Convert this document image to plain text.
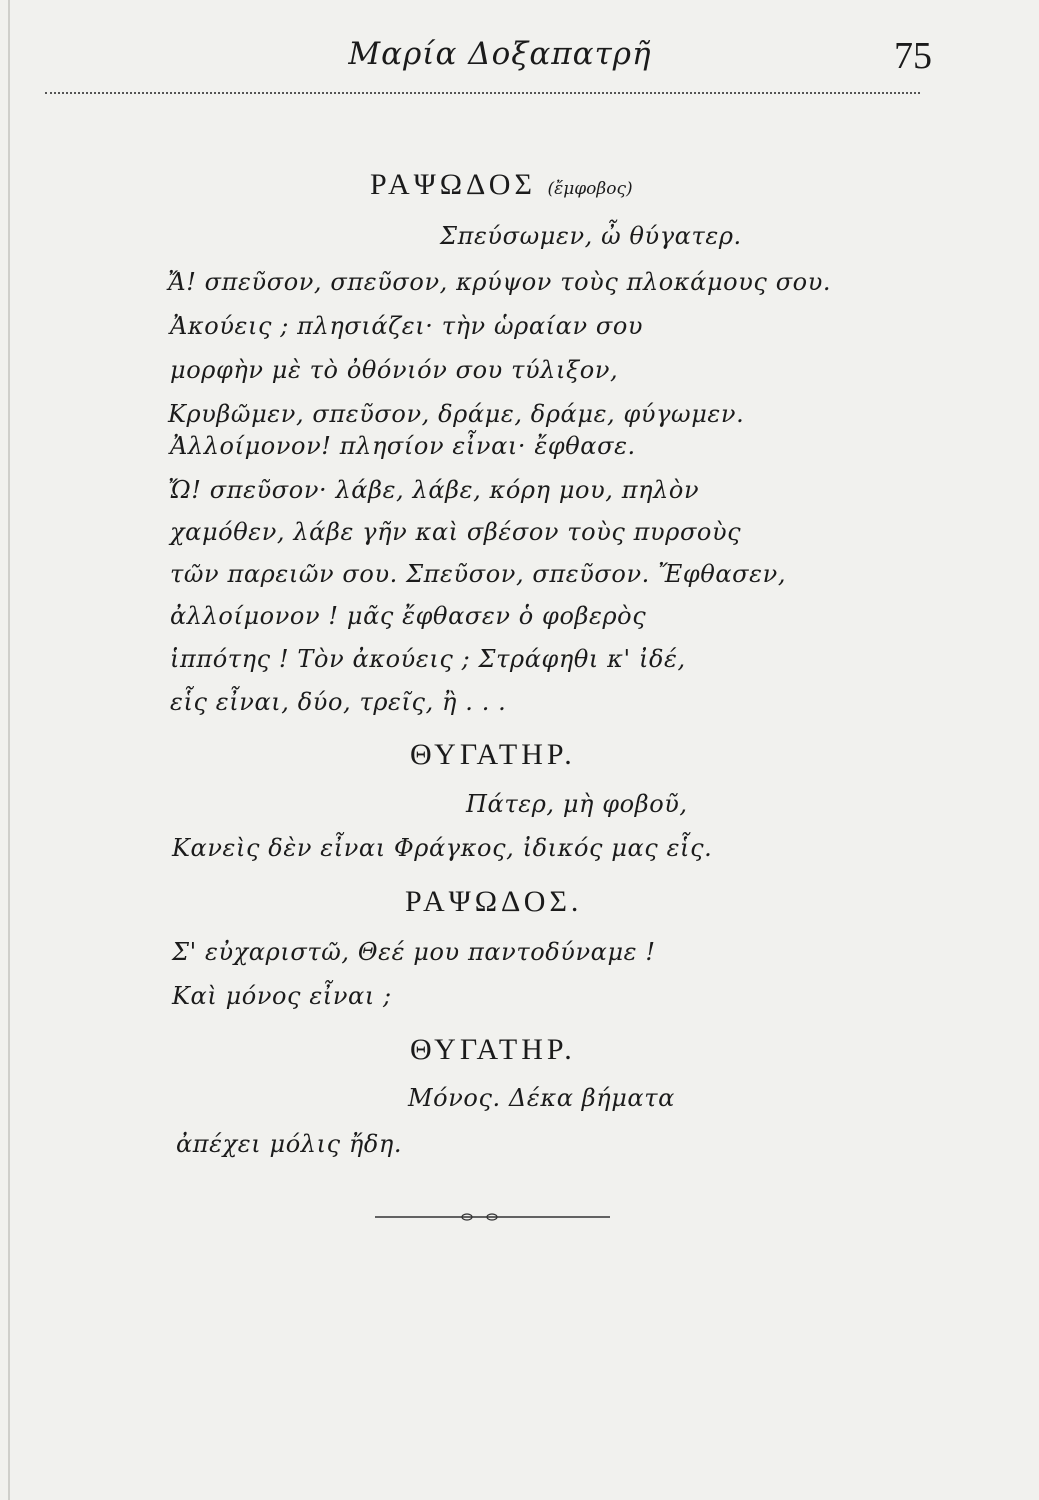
Μαρία Δοξαπατρῆ	75
ΡΑΨΩΔΟΣ (ἔμφοβος)
Σπεύσωμεν, ὦ θύγατερ.
Ἄ! σπεῦσον, σπεῦσον, κρύψον τοὺς πλοκάμους σου.
Ἀκούεις ; πλησιάζει· τὴν ὡραίαν σου
μορφὴν μὲ τὸ ὀθόνιόν σου τύλιξον,
Κρυβῶμεν, σπεῦσον, δράμε, δράμε, φύγωμεν.
Ἀλλοίμονον! πλησίον εἶναι· ἔφθασε.
Ὤ! σπεῦσον· λάβε, λάβε, κόρη μου, πηλὸν
χαμόθεν, λάβε γῆν καὶ σβέσον τοὺς πυρσοὺς
τῶν παρειῶν σου. Σπεῦσον, σπεῦσον. Ἔφθασεν,
ἀλλοίμονον ! μᾶς ἔφθασεν ὁ φοβερὸς
ἱππότης ! Τὸν ἀκούεις ; Στράφηθι κ' ἰδέ,
εἷς εἶναι, δύο, τρεῖς, ἢ . . .
ΘΥΓΑΤΗΡ.
Πάτερ, μὴ φοβοῦ,
Κανεὶς δὲν εἶναι Φράγκος, ἰδικός μας εἷς.
ΡΑΨΩΔΟΣ.
Σ' εὐχαριστῶ, Θεέ μου παντοδύναμε !
Καὶ μόνος εἶναι ;
ΘΥΓΑΤΗΡ.
Μόνος. Δέκα βήματα
ἀπέχει μόλις ἤδη.
